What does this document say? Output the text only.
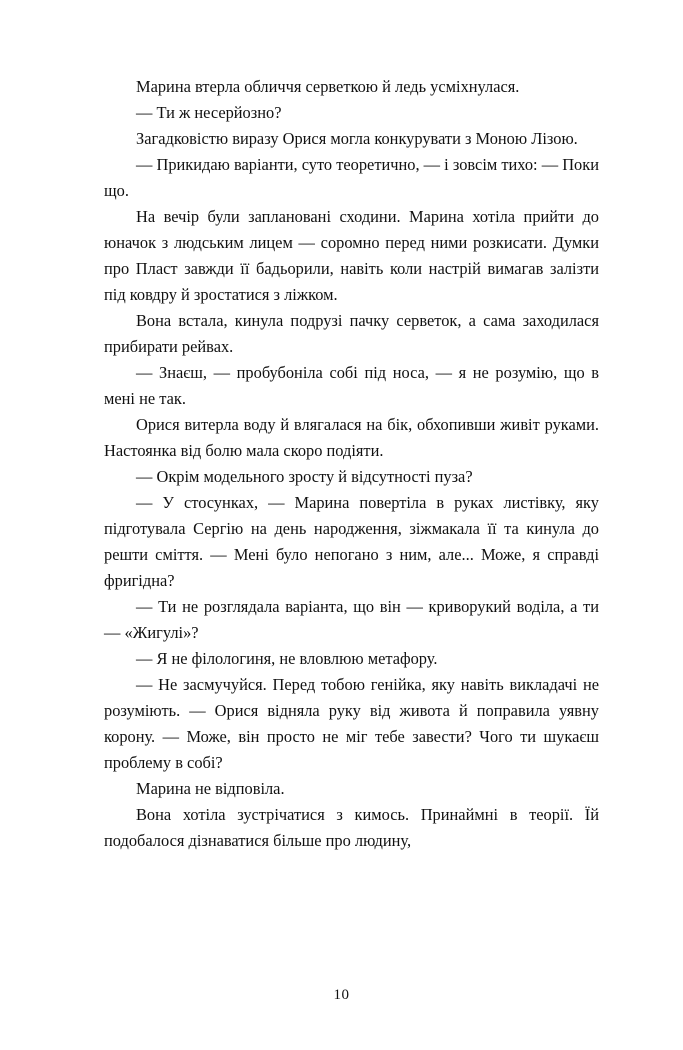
Марина втерла обличчя серветкою й ледь усміхнулася.

— Ти ж несерйозно?

Загадковістю виразу Орися могла конкурувати з Моною Лізою.

— Прикидаю варіанти, суто теоретично, — і зовсім тихо: — Поки що.

На вечір були заплановані сходини. Марина хотіла прийти до юначок з людським лицем — соромно перед ними розкисати. Думки про Пласт завжди її бадьорили, навіть коли настрій вимагав залізти під ковдру й зростатися з ліжком.

Вона встала, кинула подрузі пачку серветок, а сама заходилася прибирати рейвах.

— Знаєш, — пробубоніла собі під носа, — я не розумію, що в мені не так.

Орися витерла воду й влягалася на бік, обхопивши живіт руками. Настоянка від болю мала скоро подіяти.

— Окрім модельного зросту й відсутності пуза?

— У стосунках, — Марина повертіла в руках листівку, яку підготувала Сергію на день народження, зіжмакала її та кинула до решти сміття. — Мені було непогано з ним, але... Може, я справді фригідна?

— Ти не розглядала варіанта, що він — криворукий воділа, а ти — «Жигулі»?

— Я не філологиня, не вловлюю метафору.

— Не засмучуйся. Перед тобою генійка, яку навіть викладачі не розуміють. — Орися відняла руку від живота й поправила уявну корону. — Може, він просто не міг тебе завести? Чого ти шукаєш проблему в собі?

Марина не відповіла.

Вона хотіла зустрічатися з кимось. Принаймні в теорії. Їй подобалося дізнаватися більше про людину,

10
